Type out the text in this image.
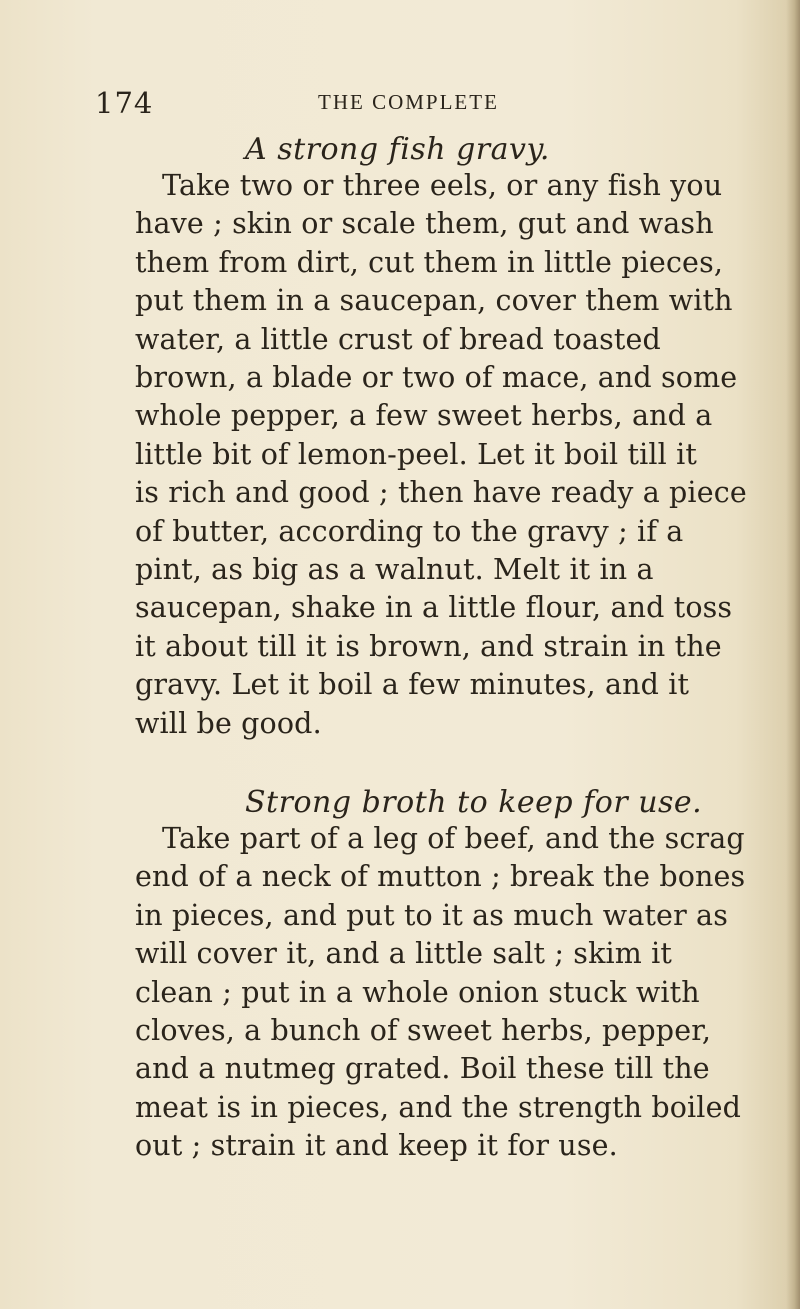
174	THE COMPLETE
A strong fish gravy.
Take two or three eels, or any fish you
have ; skin or scale them, gut and wash
them from dirt, cut them in little pieces,
put them in a saucepan, cover them with
water, a little crust of bread toasted
brown, a blade or two of mace, and some
whole pepper, a few sweet herbs, and a
little bit of lemon-peel. Let it boil till it
is rich and good ; then have ready a piece
of butter, according to the gravy ; if a
pint, as big as a walnut. Melt it in a
saucepan, shake in a little flour, and toss
it about till it is brown, and strain in the
gravy. Let it boil a few minutes, and it
will be good.
Strong broth to keep for use.
Take part of a leg of beef, and the scrag
end of a neck of mutton ; break the bones
in pieces, and put to it as much water as
will cover it, and a little salt ; skim it
clean ; put in a whole onion stuck with
cloves, a bunch of sweet herbs, pepper,
and a nutmeg grated. Boil these till the
meat is in pieces, and the strength boiled
out ; strain it and keep it for use.
